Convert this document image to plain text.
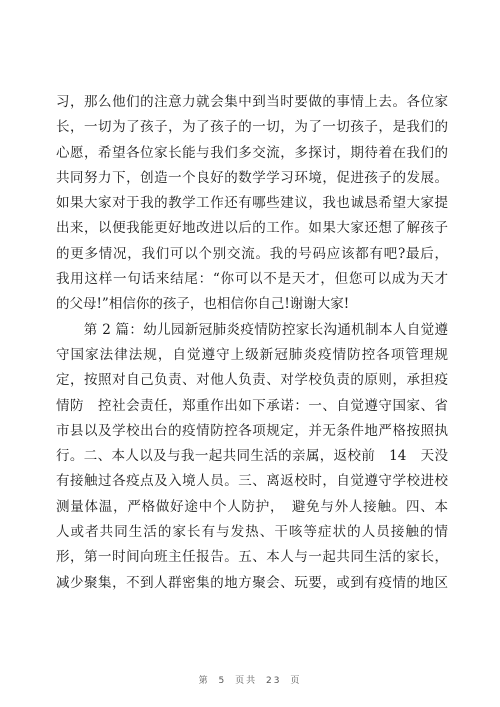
习，那么他们的注意力就会集中到当时要做的事情上去。各位家
长，一切为了孩子，为了孩子的一切，为了一切孩子，是我们的
心愿，希望各位家长能与我们多交流，多探讨，期待着在我们的
共同努力下，创造一个良好的数学学习环境，促进孩子的发展。
如果大家对于我的教学工作还有哪些建议，我也诚恳希望大家提
出来，以便我能更好地改进以后的工作。如果大家还想了解孩子
的更多情况，我们可以个别交流。我的号码应该都有吧?最后，
我用这样一句话来结尾：“你可以不是天才，但您可以成为天才
的父母!”相信你的孩子，也相信你自己!谢谢大家!
　　第 2 篇：幼儿园新冠肺炎疫情防控家长沟通机制本人自觉遵
守国家法律法规，自觉遵守上级新冠肺炎疫情防控各项管理规
定，按照对自己负责、对他人负责、对学校负责的原则，承担疫
情防　控社会责任，郑重作出如下承诺：一、自觉遵守国家、省
市县以及学校出台的疫情防控各项规定，并无条件地严格按照执
行。二、本人以及与我一起共同生活的亲属，返校前　14　天没
有接触过各疫点及入境人员。三、离返校时，自觉遵守学校进校
测量体温，严格做好途中个人防护，　避免与外人接触。四、本
人或者共同生活的家长有与发热、干咳等症状的人员接触的情
形，第一时间向班主任报告。五、本人与一起共同生活的家长，
减少聚集，不到人群密集的地方聚会、玩要，或到有疫情的地区
第 5 页共 23 页
